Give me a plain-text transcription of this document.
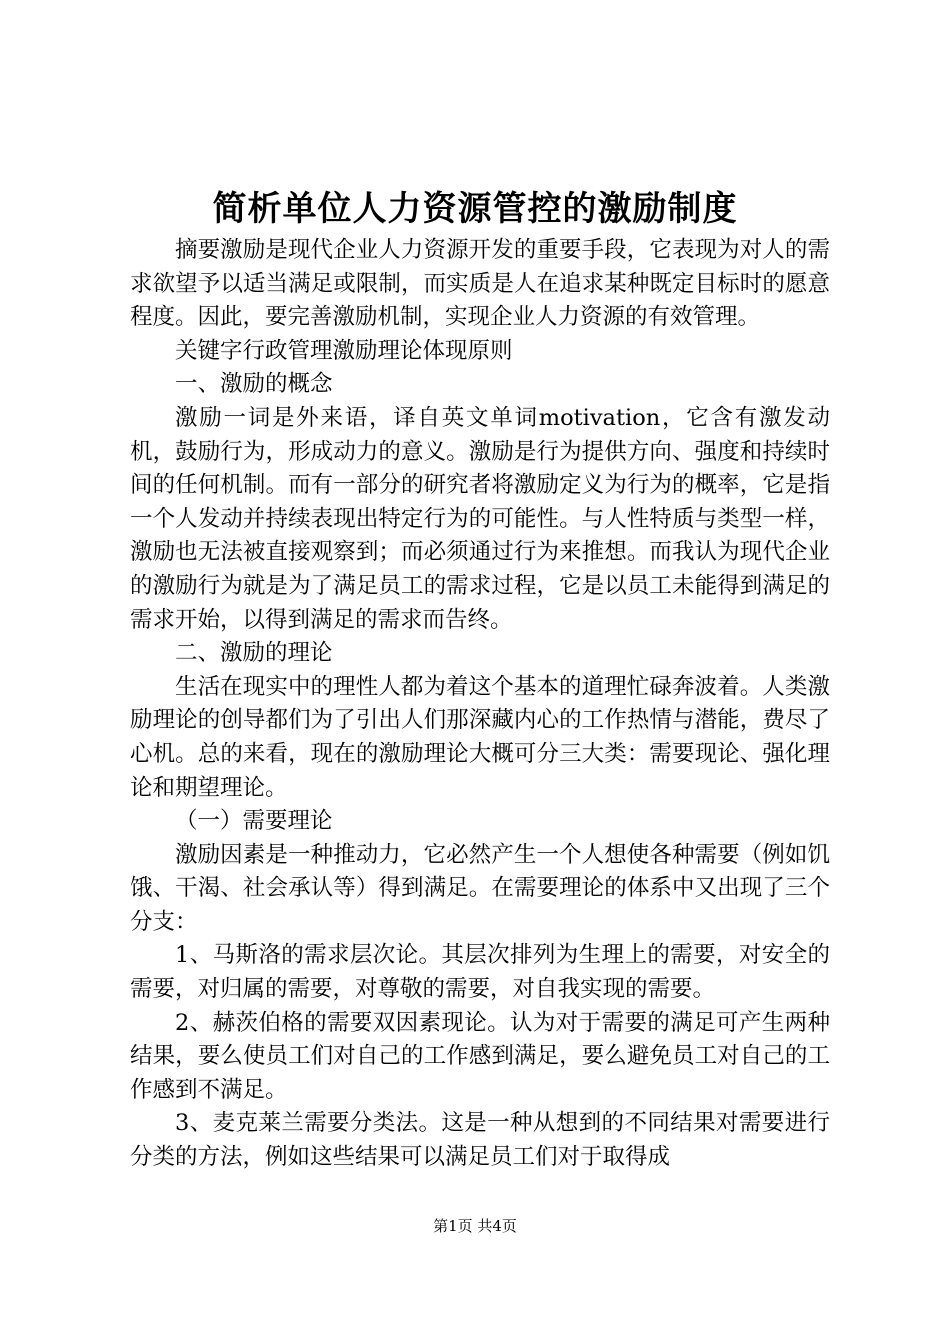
简析单位人力资源管控的激励制度

摘要激励是现代企业人力资源开发的重要手段，它表现为对人的需求欲望予以适当满足或限制，而实质是人在追求某种既定目标时的愿意程度。因此，要完善激励机制，实现企业人力资源的有效管理。

关键字行政管理激励理论体现原则

一、激励的概念

激励一词是外来语，译自英文单词motivation，它含有激发动机，鼓励行为，形成动力的意义。激励是行为提供方向、强度和持续时间的任何机制。而有一部分的研究者将激励定义为行为的概率，它是指一个人发动并持续表现出特定行为的可能性。与人性特质与类型一样，激励也无法被直接观察到；而必须通过行为来推想。而我认为现代企业的激励行为就是为了满足员工的需求过程，它是以员工未能得到满足的需求开始，以得到满足的需求而告终。

二、激励的理论

生活在现实中的理性人都为着这个基本的道理忙碌奔波着。人类激励理论的创导都们为了引出人们那深藏内心的工作热情与潜能，费尽了心机。总的来看，现在的激励理论大概可分三大类：需要现论、强化理论和期望理论。

（一）需要理论

激励因素是一种推动力，它必然产生一个人想使各种需要（例如饥饿、干渴、社会承认等）得到满足。在需要理论的体系中又出现了三个分支：

1、马斯洛的需求层次论。其层次排列为生理上的需要，对安全的需要，对归属的需要，对尊敬的需要，对自我实现的需要。

2、赫茨伯格的需要双因素现论。认为对于需要的满足可产生两种结果，要么使员工们对自己的工作感到满足，要么避免员工对自己的工作感到不满足。

3、麦克莱兰需要分类法。这是一种从想到的不同结果对需要进行分类的方法，例如这些结果可以满足员工们对于取得成

第1页 共4页
